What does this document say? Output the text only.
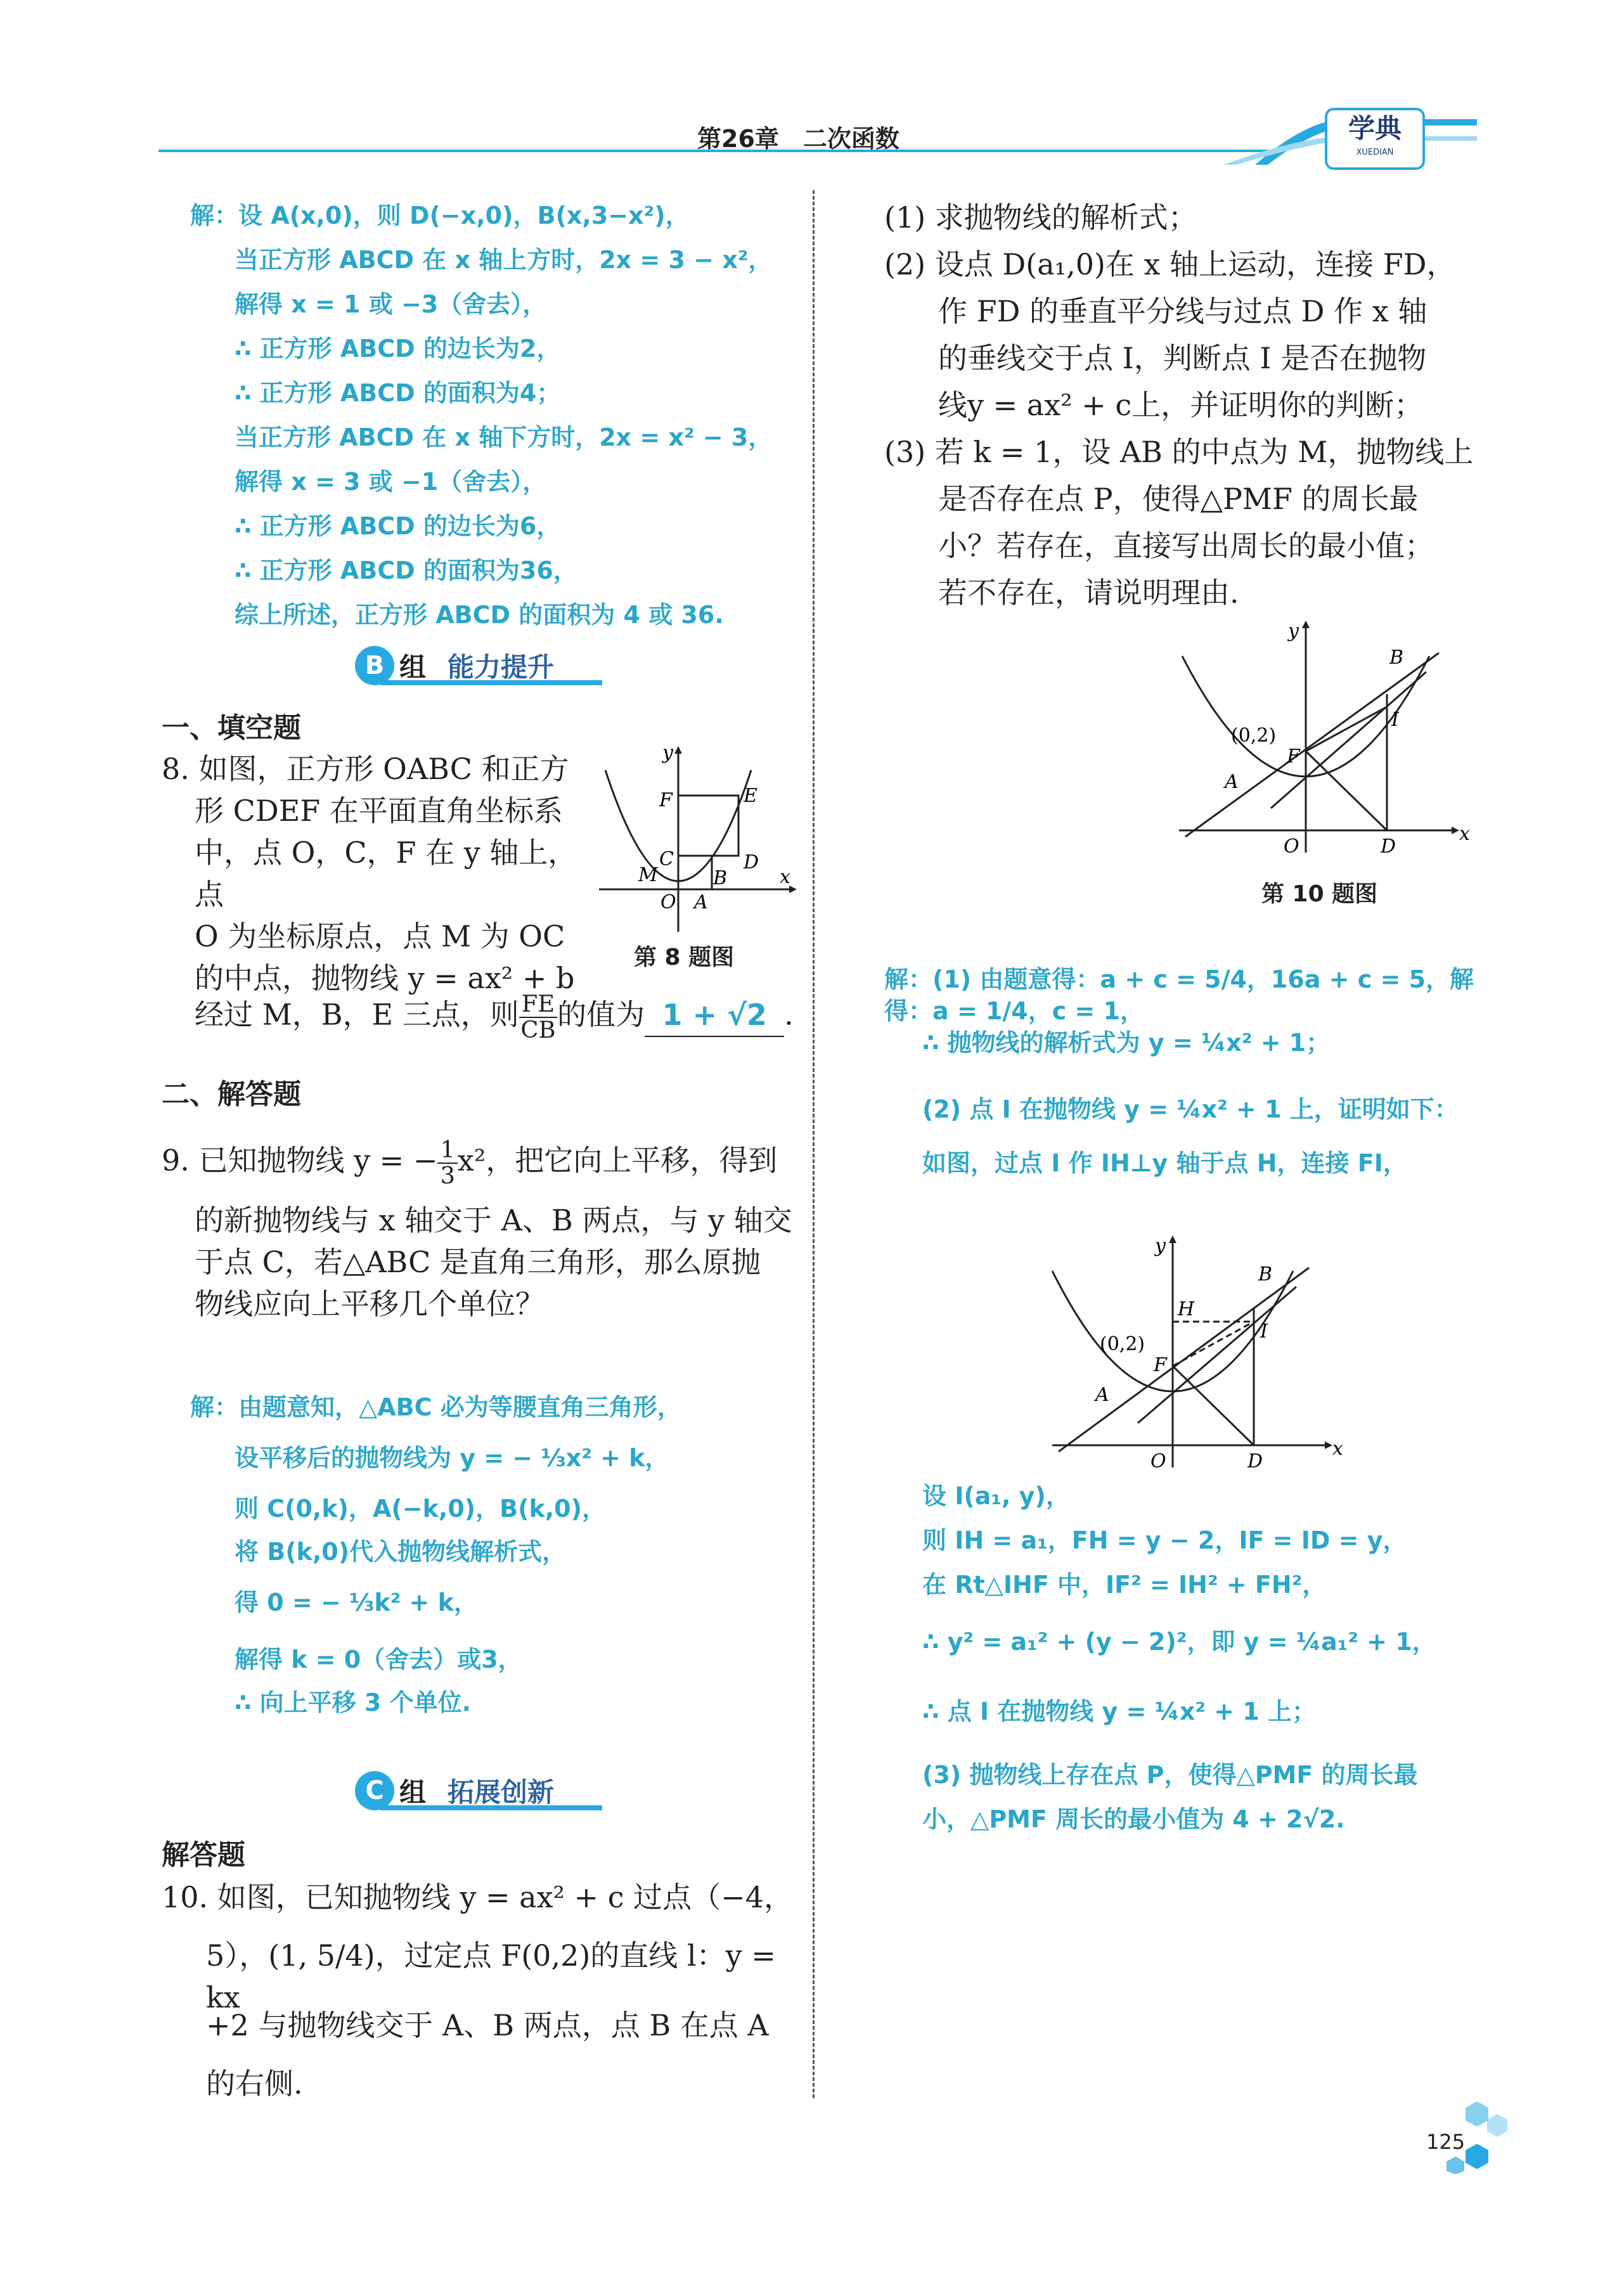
第26章　二次函数	学典
XUEDIAN
解：设 A(x,0)，则 D(−x,0)，B(x,3−x²)，
当正方形 ABCD 在 x 轴上方时，2x = 3 − x²，
解得 x = 1 或 −3（舍去），
∴ 正方形 ABCD 的边长为2，
∴ 正方形 ABCD 的面积为4；
当正方形 ABCD 在 x 轴下方时，2x = x² − 3，
解得 x = 3 或 −1（舍去），
∴ 正方形 ABCD 的边长为6，
∴ 正方形 ABCD 的面积为36，
综上所述，正方形 ABCD 的面积为 4 或 36.
B 组 能力提升
一、填空题
8. 如图，正方形 OABC 和正方
形 CDEF 在平面直角坐标系
中，点 O，C，F 在 y 轴上，点
O 为坐标原点，点 M 为 OC
的中点，抛物线 y = ax² + b
经过 M，B，E 三点，则 $\frac{FE}{CB}$ 的值为 1 + √2 .
y
x
F	E
C	D
M	B
O A
第 8 题图
二、解答题
9. 已知抛物线 y = − $\frac{1}{3} x^2$，把它向上平移，得到
的新抛物线与 x 轴交于 A、B 两点，与 y 轴交
于点 C，若△ABC 是直角三角形，那么原抛
物线应向上平移几个单位？
解：由题意知，△ABC 必为等腰直角三角形，
设平移后的抛物线为 y = − ⅓x² + k，
则 C(0,k)，A(−k,0)，B(k,0)，
将 B(k,0)代入抛物线解析式，
得 0 = − ⅓k² + k，
解得 k = 0（舍去）或3，
∴ 向上平移 3 个单位.
C 组 拓展创新
解答题
10. 如图，已知抛物线 y = ax² + c 过点（−4，
5），(1, 5/4)，过定点 F(0,2)的直线 l：y = kx
+2 与抛物线交于 A、B 两点，点 B 在点 A
的右侧.
(1) 求抛物线的解析式；
(2) 设点 D(a₁,0)在 x 轴上运动，连接 FD，
作 FD 的垂直平分线与过点 D 作 x 轴
的垂线交于点 I，判断点 I 是否在抛物
线y = ax² + c上，并证明你的判断；
(3) 若 k = 1，设 AB 的中点为 M，抛物线上
是否存在点 P，使得△PMF 的周长最
小？若存在，直接写出周长的最小值；
若不存在，请说明理由.
y
x
B
I
(0,2)
F
A
O	D
第 10 题图
解：(1) 由题意得：a + c = 5/4，16a + c = 5，解得：a = 1/4，c = 1，
∴ 抛物线的解析式为 y = ¼x² + 1；
(2) 点 I 在抛物线 y = ¼x² + 1 上，证明如下：
如图，过点 I 作 IH⊥y 轴于点 H，连接 FI，
y
x
B
H
I
(0,2)
F
A
O	D
设 I(a₁, y)，
则 IH = a₁，FH = y − 2，IF = ID = y，
在 Rt△IHF 中，IF² = IH² + FH²，
∴ y² = a₁² + (y − 2)²，即 y = ¼a₁² + 1，
∴ 点 I 在抛物线 y = ¼x² + 1 上；
(3) 抛物线上存在点 P，使得△PMF 的周长最
小，△PMF 周长的最小值为 4 + 2√2.
125
